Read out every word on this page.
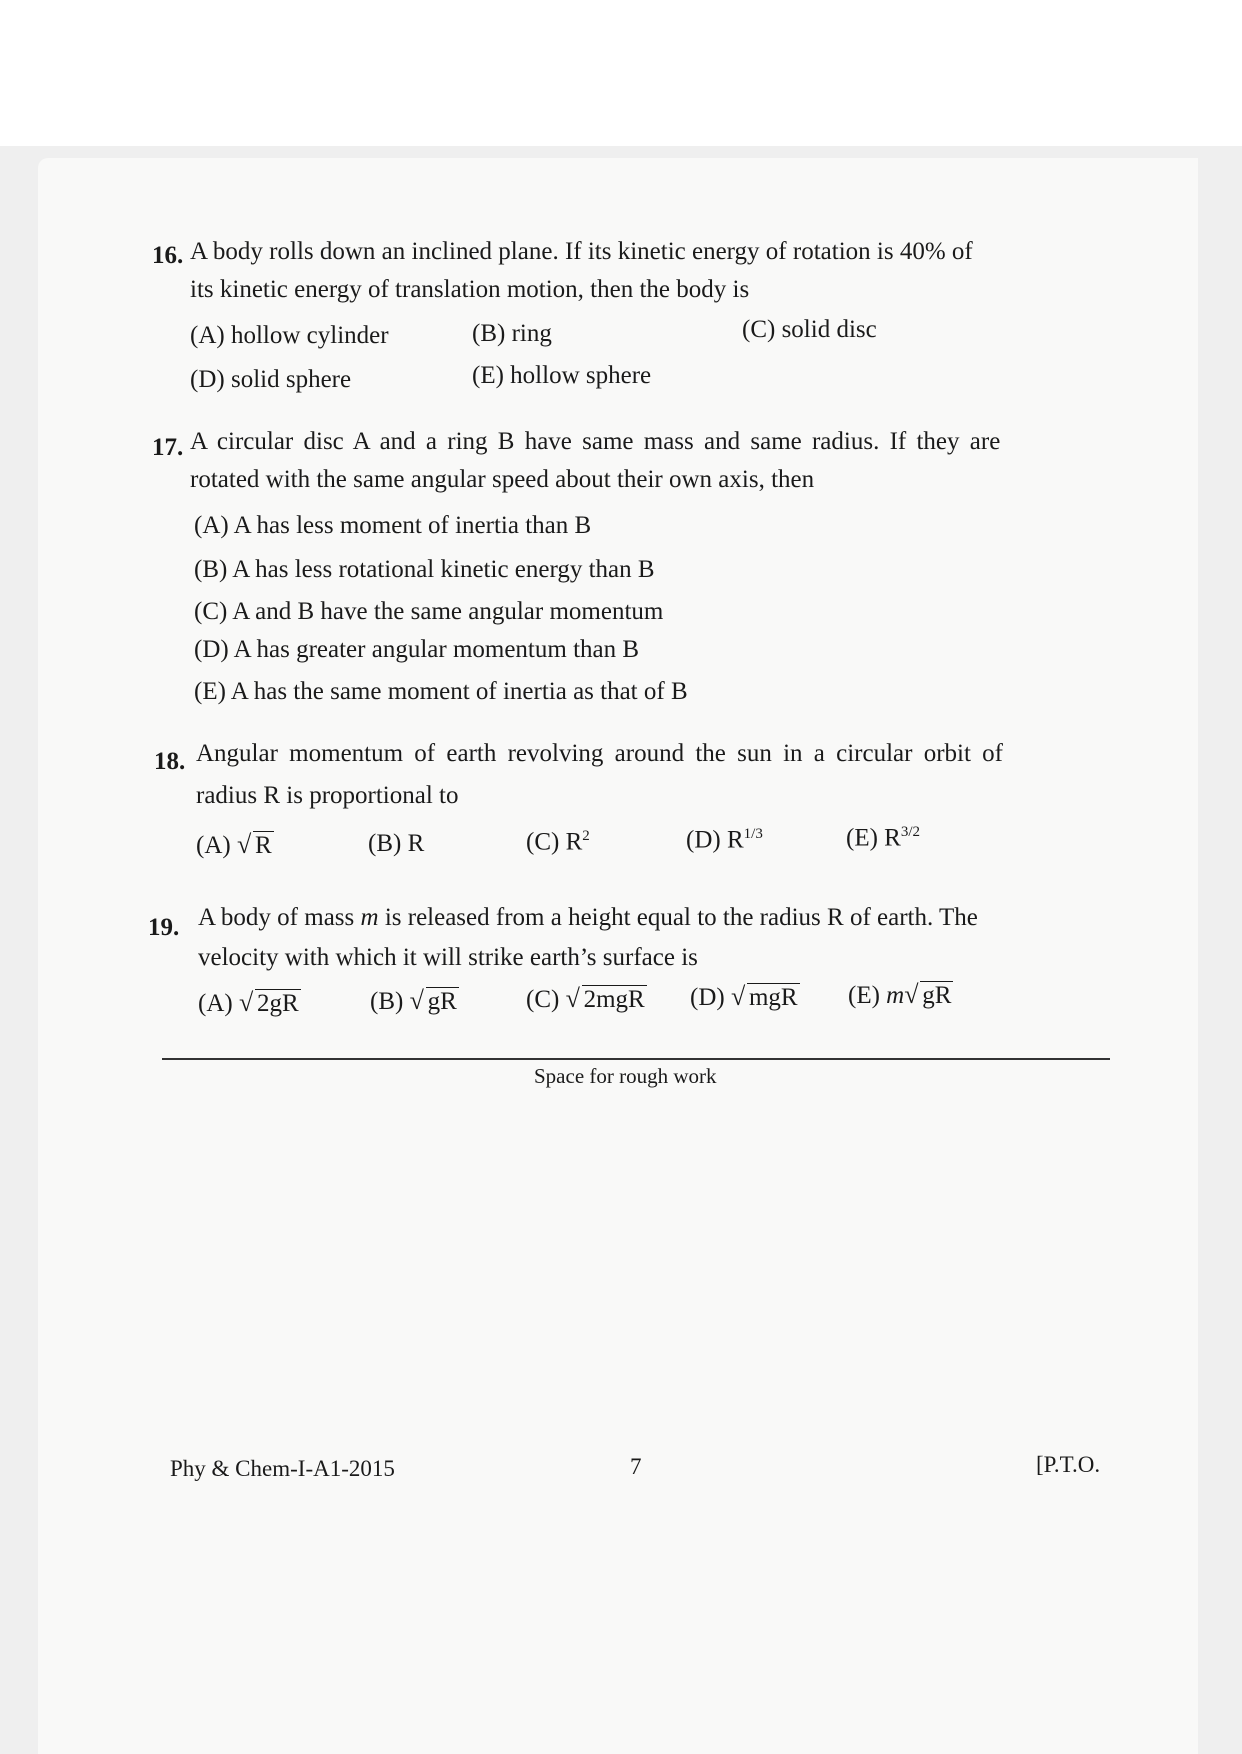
16. A body rolls down an inclined plane. If its kinetic energy of rotation is 40% of
its kinetic energy of translation motion, then the body is
(A) hollow cylinder	(B) ring	(C) solid disc
(D) solid sphere	(E) hollow sphere
17. A circular disc A and a ring B have same mass and same radius. If they are
rotated with the same angular speed about their own axis, then
(A) A has less moment of inertia than B
(B) A has less rotational kinetic energy than B
(C) A and B have the same angular momentum
(D) A has greater angular momentum than B
(E) A has the same moment of inertia as that of B
18. Angular momentum of earth revolving around the sun in a circular orbit of
radius R is proportional to
(A) √ R	(B) R	(C) $R^2$	(D) $R^{1/3}$	(E) $R^{3/2}$
19. A body of mass m is released from a height equal to the radius R of earth. The
velocity with which it will strike earth’s surface is
(A) √ 2gR	(B) √ gR	(C) √ 2mgR (D) √ mgR (E) m √ gR
Space for rough work
Phy & Chem-I-A1-2015	7	[P.T.O.
